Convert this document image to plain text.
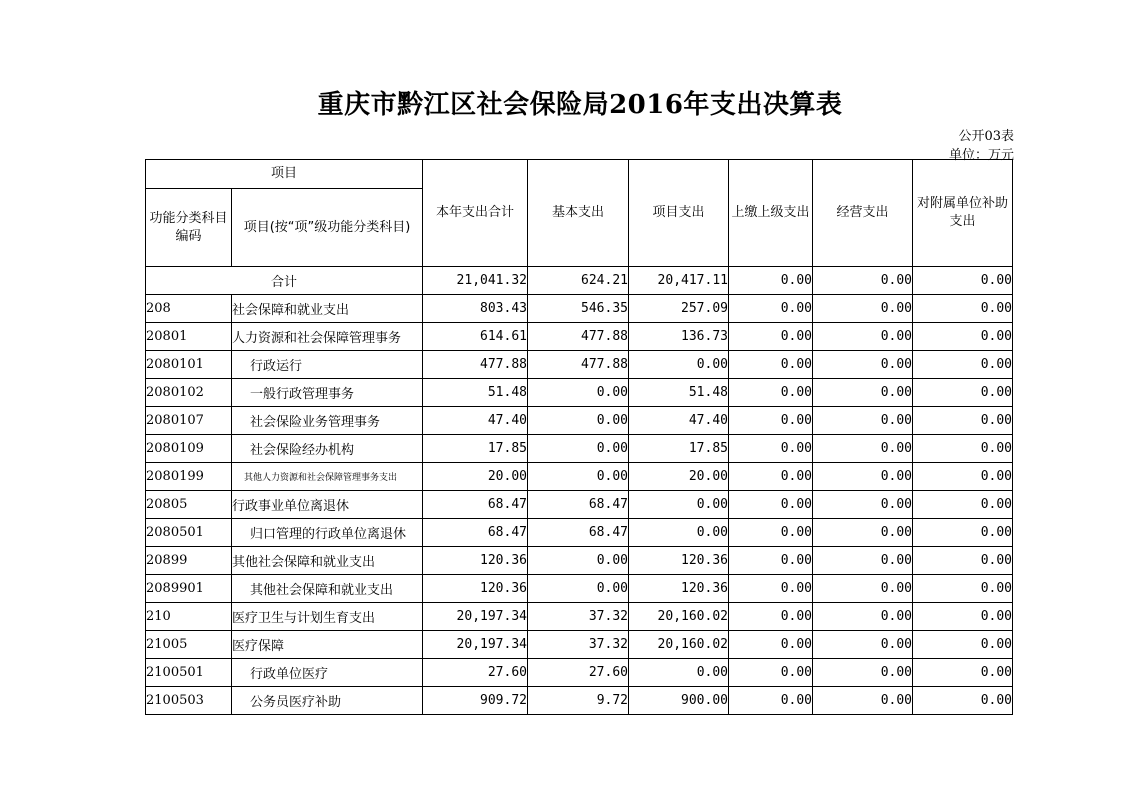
重庆市黔江区社会保险局2016年支出决算表
公开03表
单位：万元
项目		本年支出合计	基本支出	项目支出	上缴上级支出	经营支出	对附属单位补助支出
功能分类科目编码	项目(按“项”级功能分类科目)						
合计		21,041.32	624.21	20,417.11	0.00	0.00	0.00
208	社会保障和就业支出	803.43	546.35	257.09	0.00	0.00	0.00
20801	人力资源和社会保障管理事务	614.61	477.88	136.73	0.00	0.00	0.00
2080101	行政运行	477.88	477.88	0.00	0.00	0.00	0.00
2080102	一般行政管理事务	51.48	0.00	51.48	0.00	0.00	0.00
2080107	社会保险业务管理事务	47.40	0.00	47.40	0.00	0.00	0.00
2080109	社会保险经办机构	17.85	0.00	17.85	0.00	0.00	0.00
2080199	其他人力资源和社会保障管理事务支出	20.00	0.00	20.00	0.00	0.00	0.00
20805	行政事业单位离退休	68.47	68.47	0.00	0.00	0.00	0.00
2080501	归口管理的行政单位离退休	68.47	68.47	0.00	0.00	0.00	0.00
20899	其他社会保障和就业支出	120.36	0.00	120.36	0.00	0.00	0.00
2089901	其他社会保障和就业支出	120.36	0.00	120.36	0.00	0.00	0.00
210	医疗卫生与计划生育支出	20,197.34	37.32	20,160.02	0.00	0.00	0.00
21005	医疗保障	20,197.34	37.32	20,160.02	0.00	0.00	0.00
2100501	行政单位医疗	27.60	27.60	0.00	0.00	0.00	0.00
2100503	公务员医疗补助	909.72	9.72	900.00	0.00	0.00	0.00
